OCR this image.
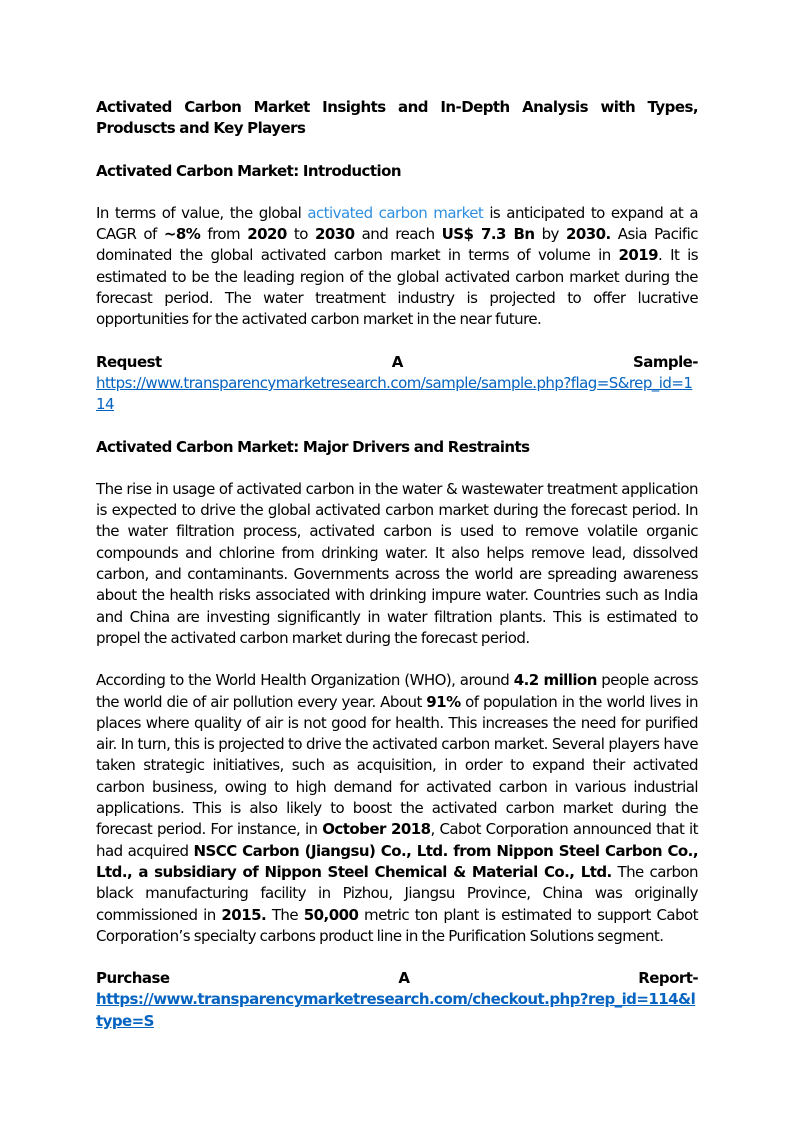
Activated Carbon Market Insights and In-Depth Analysis with Types, Produscts and Key Players

Activated Carbon Market: Introduction

In terms of value, the global activated carbon market is anticipated to expand at a CAGR of ~8% from 2020 to 2030 and reach US$ 7.3 Bn by 2030. Asia Pacific dominated the global activated carbon market in terms of volume in 2019. It is estimated to be the leading region of the global activated carbon market during the forecast period. The water treatment industry is projected to offer lucrative opportunities for the activated carbon market in the near future.

Request	A	Sample-
https://www.transparencymarketresearch.com/sample/sample.php?flag=S&rep_id=114

Activated Carbon Market: Major Drivers and Restraints

The rise in usage of activated carbon in the water & wastewater treatment application is expected to drive the global activated carbon market during the forecast period. In the water filtration process, activated carbon is used to remove volatile organic compounds and chlorine from drinking water. It also helps remove lead, dissolved carbon, and contaminants. Governments across the world are spreading awareness about the health risks associated with drinking impure water. Countries such as India and China are investing significantly in water filtration plants. This is estimated to propel the activated carbon market during the forecast period.

According to the World Health Organization (WHO), around 4.2 million people across the world die of air pollution every year. About 91% of population in the world lives in places where quality of air is not good for health. This increases the need for purified air. In turn, this is projected to drive the activated carbon market. Several players have taken strategic initiatives, such as acquisition, in order to expand their activated carbon business, owing to high demand for activated carbon in various industrial applications. This is also likely to boost the activated carbon market during the forecast period. For instance, in October 2018, Cabot Corporation announced that it had acquired NSCC Carbon (Jiangsu) Co., Ltd. from Nippon Steel Carbon Co., Ltd., a subsidiary of Nippon Steel Chemical & Material Co., Ltd. The carbon black manufacturing facility in Pizhou, Jiangsu Province, China was originally commissioned in 2015. The 50,000 metric ton plant is estimated to support Cabot Corporation’s specialty carbons product line in the Purification Solutions segment.

Purchase	A	Report-
https://www.transparencymarketresearch.com/checkout.php?rep_id=114&ltype=S
